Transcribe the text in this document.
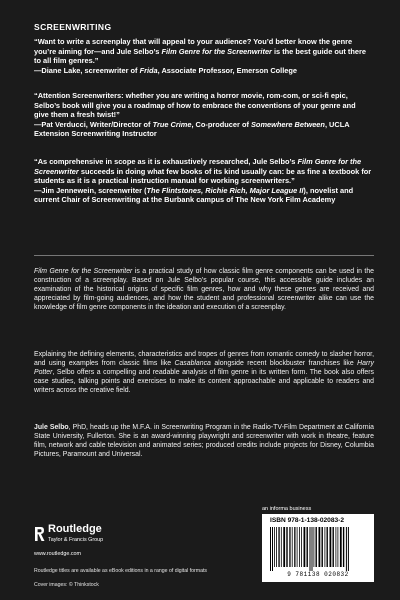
SCREENWRITING

“Want to write a screenplay that will appeal to your audience? You’d better know the genre you’re aiming for—and Jule Selbo’s Film Genre for the Screenwriter is the best guide out there to all film genres.”

—Diane Lake, screenwriter of Frida, Associate Professor, Emerson College

“Attention Screenwriters: whether you are writing a horror movie, rom-com, or sci-fi epic, Selbo’s book will give you a roadmap of how to embrace the conventions of your genre and give them a fresh twist!”

—Pat Verducci, Writer/Director of True Crime, Co-producer of Somewhere Between, UCLA Extension Screenwriting Instructor

“As comprehensive in scope as it is exhaustively researched, Jule Selbo’s Film Genre for the Screenwriter succeeds in doing what few books of its kind usually can: be as fine a textbook for students as it is a practical instruction manual for working screenwriters.”

—Jim Jennewein, screenwriter (The Flintstones, Richie Rich, Major League II), novelist and current Chair of Screenwriting at the Burbank campus of The New York Film Academy

Film Genre for the Screenwriter is a practical study of how classic film genre components can be used in the construction of a screenplay. Based on Jule Selbo’s popular course, this accessible guide includes an examination of the historical origins of specific film genres, how and why these genres are received and appreciated by film-going audiences, and how the student and professional screenwriter alike can use the knowledge of film genre components in the ideation and execution of a screenplay.

Explaining the defining elements, characteristics and tropes of genres from romantic comedy to slasher horror, and using examples from classic films like Casablanca alongside recent blockbuster franchises like Harry Potter, Selbo offers a compelling and readable analysis of film genre in its written form. The book also offers case studies, talking points and exercises to make its content approachable and applicable to readers and writers across the creative field.

Jule Selbo, PhD, heads up the M.F.A. in Screenwriting Program in the Radio-TV-Film Department at California State University, Fullerton. She is an award-winning playwright and screenwriter with work in theatre, feature film, network and cable television and animated series; produced credits include projects for Disney, Columbia Pictures, Paramount and Universal.

Routledge
Taylor & Francis Group
www.routledge.com
an informa business
ISBN 978-1-138-02083-2
9 781138 020832
Routledge titles are available as eBook editions in a range of digital formats
Cover images: © Thinkstock
